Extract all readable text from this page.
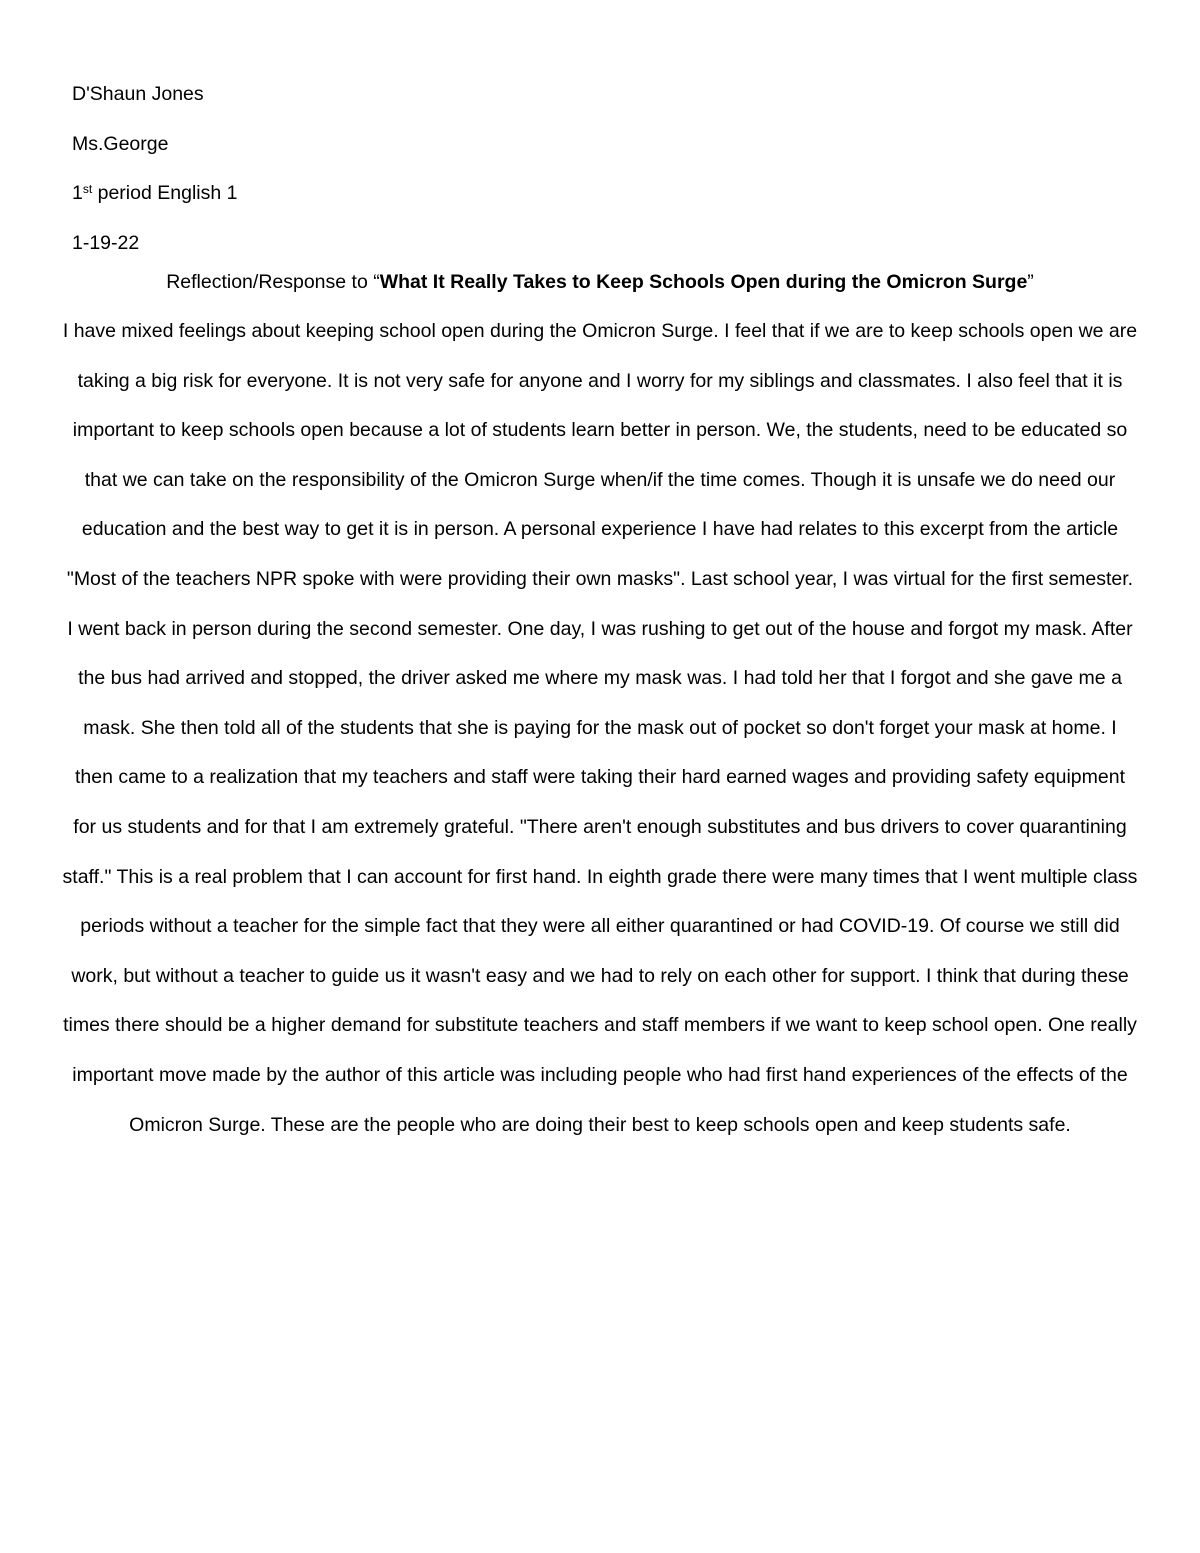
D'Shaun Jones
Ms.George
1st period English 1
1-19-22
Reflection/Response to “What It Really Takes to Keep Schools Open during the Omicron Surge”

I have mixed feelings about keeping school open during the Omicron Surge. I feel that if we are to keep schools open we are taking a big risk for everyone. It is not very safe for anyone and I worry for my siblings and classmates. I also feel that it is important to keep schools open because a lot of students learn better in person. We, the students, need to be educated so that we can take on the responsibility of the Omicron Surge when/if the time comes. Though it is unsafe we do need our education and the best way to get it is in person. A personal experience I have had relates to this excerpt from the article "Most of the teachers NPR spoke with were providing their own masks". Last school year, I was virtual for the first semester. I went back in person during the second semester. One day, I was rushing to get out of the house and forgot my mask. After the bus had arrived and stopped, the driver asked me where my mask was. I had told her that I forgot and she gave me a mask. She then told all of the students that she is paying for the mask out of pocket so don't forget your mask at home. I then came to a realization that my teachers and staff were taking their hard earned wages and providing safety equipment for us students and for that I am extremely grateful. "There aren't enough substitutes and bus drivers to cover quarantining staff." This is a real problem that I can account for first hand. In eighth grade there were many times that I went multiple class periods without a teacher for the simple fact that they were all either quarantined or had COVID-19. Of course we still did work, but without a teacher to guide us it wasn't easy and we had to rely on each other for support. I think that during these times there should be a higher demand for substitute teachers and staff members if we want to keep school open. One really important move made by the author of this article was including people who had first hand experiences of the effects of the Omicron Surge. These are the people who are doing their best to keep schools open and keep students safe.
